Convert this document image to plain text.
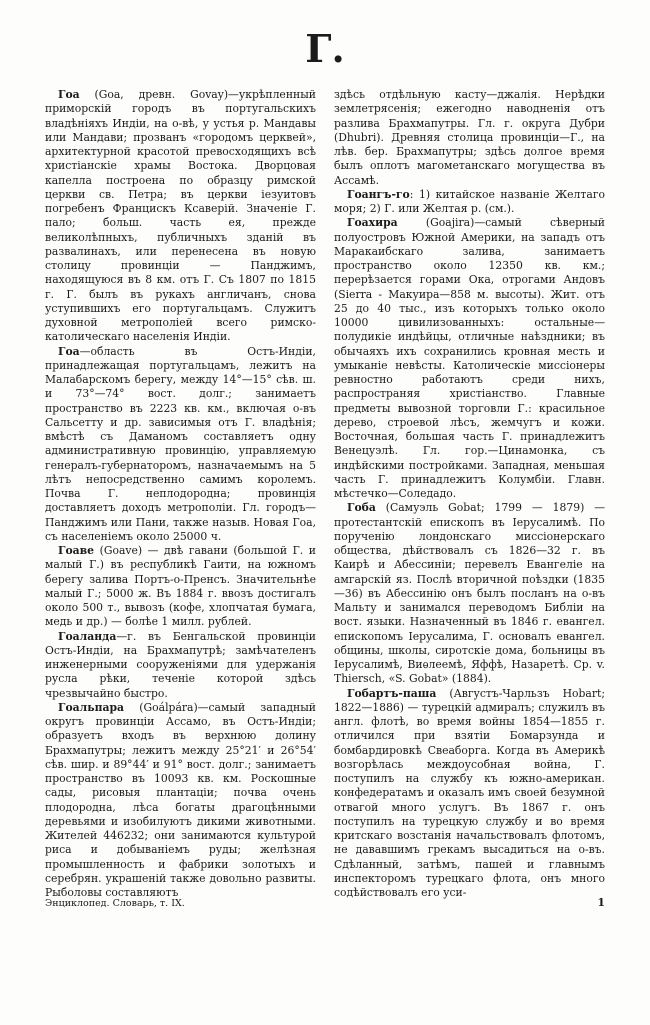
Г.

Гоа (Goa, древн. Govay)—укрѣпленный приморскій городъ въ португальскихъ владѣніяхъ Индіи, на о-вѣ, у устья р. Мандавы или Мандави; прозванъ «городомъ церквей», архитектурной красотой превосходящихъ всѣ христіанскіе храмы Востока. Дворцовая капелла построена по образцу римской церкви св. Петра; въ церкви іезуитовъ погребенъ Францискъ Ксаверій. Значеніе Г. пало; больш. часть ея, прежде великолѣпныхъ, публичныхъ зданій въ развалинахъ, или перенесена въ новую столицу провинціи — Панджимъ, находящуюся въ 8 км. отъ Г. Съ 1807 по 1815 г. Г. былъ въ рукахъ англичанъ, снова уступившихъ его португальцамъ. Служитъ духовной метрополіей всего римско-католическаго населенія Индіи.

Гоа—область въ Остъ-Индіи, принадлежащая португальцамъ, лежитъ на Малабарскомъ берегу, между 14°—15° сѣв. ш. и 73°—74° вост. долг.; занимаетъ пространство въ 2223 кв. км., включая о-въ Сальсетту и др. зависимыя отъ Г. владѣнія; вмѣстѣ съ Даманомъ составляетъ одну административную провинцію, управляемую генералъ-губернаторомъ, назначаемымъ на 5 лѣтъ непосредственно самимъ королемъ. Почва Г. неплодородна; провинція доставляетъ доходъ метрополіи. Гл. городъ—Панджимъ или Пани, также назыв. Новая Гоа, съ населеніемъ около 25000 ч.

Гоаве (Goave) — двѣ гавани (большой Г. и малый Г.) въ республикѣ Гаити, на южномъ берегу залива Портъ-о-Пренсъ. Значительнѣе малый Г.; 5000 ж. Въ 1884 г. ввозъ достигалъ около 500 т., вывозъ (кофе, хлопчатая бумага, медь и др.) — болѣе 1 милл. рублей.

Гоаланда—г. въ Бенгальской провинціи Остъ-Индіи, на Брахмапутрѣ; замѣчателенъ инженерными сооруженіями для удержанія русла рѣки, теченіе которой здѣсь чрезвычайно быстро.

Гоальпара (Goálpára)—самый западный округъ провинціи Ассамо, въ Остъ-Индіи; образуетъ входъ въ верхнюю долину Брахмапутры; лежитъ между 25°21′ и 26°54′ сѣв. шир. и 89°44′ и 91° вост. долг.; занимаетъ пространство въ 10093 кв. км. Роскошные сады, рисовыя плантаціи; почва очень плодородна, лѣса богаты драгоцѣнными деревьями и изобилуютъ дикими животными. Жителей 446232; они занимаются культурой риса и добываніемъ руды; желѣзная промышленность и фабрики золотыхъ и серебрян. украшеній также довольно развиты. Рыболовы составляютъ

здѣсь отдѣльную касту—джалія. Нерѣдки землетрясенія; ежегодно наводненія отъ разлива Брахмапутры. Гл. г. округа Дубри (Dhubri). Древняя столица провинціи—Г., на лѣв. бер. Брахмапутры; здѣсь долгое время былъ оплотъ магометанскаго могущества въ Ассамѣ.

Гоангъ-го: 1) китайское названіе Желтаго моря; 2) Г. или Желтая р. (см.).

Гоахира (Goajira)—самый сѣверный полуостровъ Южной Америки, на западъ отъ Маракаибскаго залива, занимаетъ пространство около 12350 кв. км.; перерѣзается горами Ока, отрогами Андовъ (Sierra - Макуира—858 м. высоты). Жит. отъ 25 до 40 тыс., изъ которыхъ только около 10000 цивилизованныхъ: остальные—полудикіе индѣйцы, отличные наѣздники; въ обычаяхъ ихъ сохранились кровная месть и умыканіе невѣсты. Католическіе миссіонеры ревностно работаютъ среди нихъ, распространяя христіанство. Главные предметы вывозной торговли Г.: красильное дерево, строевой лѣсъ, жемчугъ и кожи. Восточная, большая часть Г. принадлежитъ Венецуэлѣ. Гл. гор.—Цинамонка, съ индѣйскими постройками. Западная, меньшая часть Г. принадлежитъ Колумбіи. Главн. мѣстечко—Соледадо.

Гоба (Самуэль Gobat; 1799 — 1879) — протестантскій епископъ въ Іерусалимѣ. По порученію лондонскаго миссіонерскаго общества, дѣйствовалъ съ 1826—32 г. въ Каирѣ и Абессиніи; перевелъ Евангеліе на амгарскій яз. Послѣ вторичной поѣздки (1835—36) въ Абессинію онъ былъ посланъ на о-въ Мальту и занимался переводомъ Библіи на вост. языки. Назначенный въ 1846 г. евангел. епископомъ Іерусалима, Г. основалъ евангел. общины, школы, сиротскіе дома, больницы въ Іерусалимѣ, Виѳлеемѣ, Яффѣ, Назаретѣ. Ср. v. Thiersch, «S. Gobat» (1884).

Гобартъ-паша (Августъ-Чарльзъ Hobart; 1822—1886) — турецкій адмиралъ; служилъ въ англ. флотѣ, во время войны 1854—1855 г. отличился при взятіи Бомарзунда и бомбардировкѣ Свеаборга. Когда въ Америкѣ возгорѣлась междоусобная война, Г. поступилъ на службу къ южно-американ. конфедератамъ и оказалъ имъ своей безумной отвагой много услугъ. Въ 1867 г. онъ поступилъ на турецкую службу и во время критскаго возстанія начальствовалъ флотомъ, не дававшимъ грекамъ высадиться на о-въ. Сдѣланный, затѣмъ, пашей и главнымъ инспекторомъ турецкаго флота, онъ много содѣйствовалъ его уси-

Энциклопед. Словарь, т. IX.	1
